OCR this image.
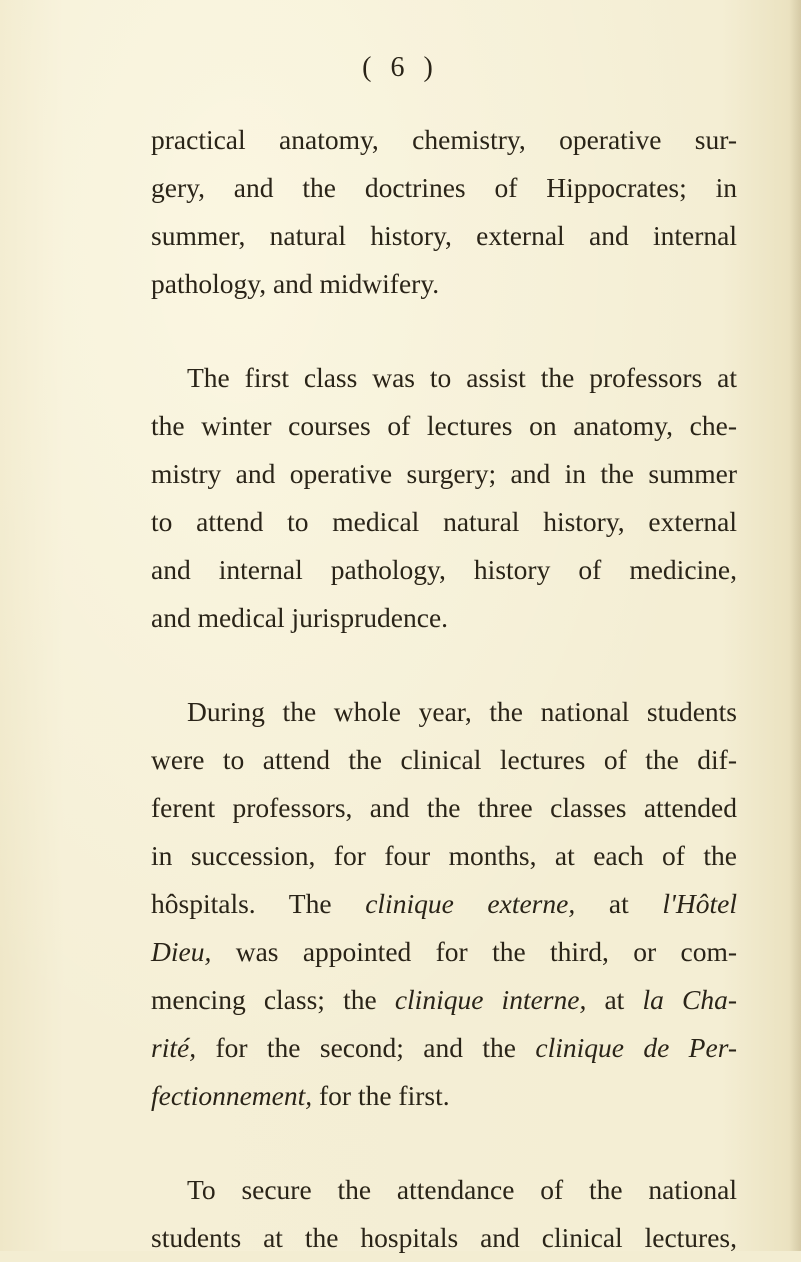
( 6 )
practical anatomy, chemistry, operative sur-
gery, and the doctrines of Hippocrates; in
summer, natural history, external and internal
pathology, and midwifery.
The first class was to assist the professors at
the winter courses of lectures on anatomy, che-
mistry and operative surgery; and in the summer
to attend to medical natural history, external
and internal pathology, history of medicine,
and medical jurisprudence.
During the whole year, the national students
were to attend the clinical lectures of the dif-
ferent professors, and the three classes attended
in succession, for four months, at each of the
hôspitals. The clinique externe, at l'Hôtel
Dieu, was appointed for the third, or com-
mencing class; the clinique interne, at la Cha-
rité, for the second; and the clinique de Per-
fectionnement, for the first.
To secure the attendance of the national
students at the hospitals and clinical lectures,
